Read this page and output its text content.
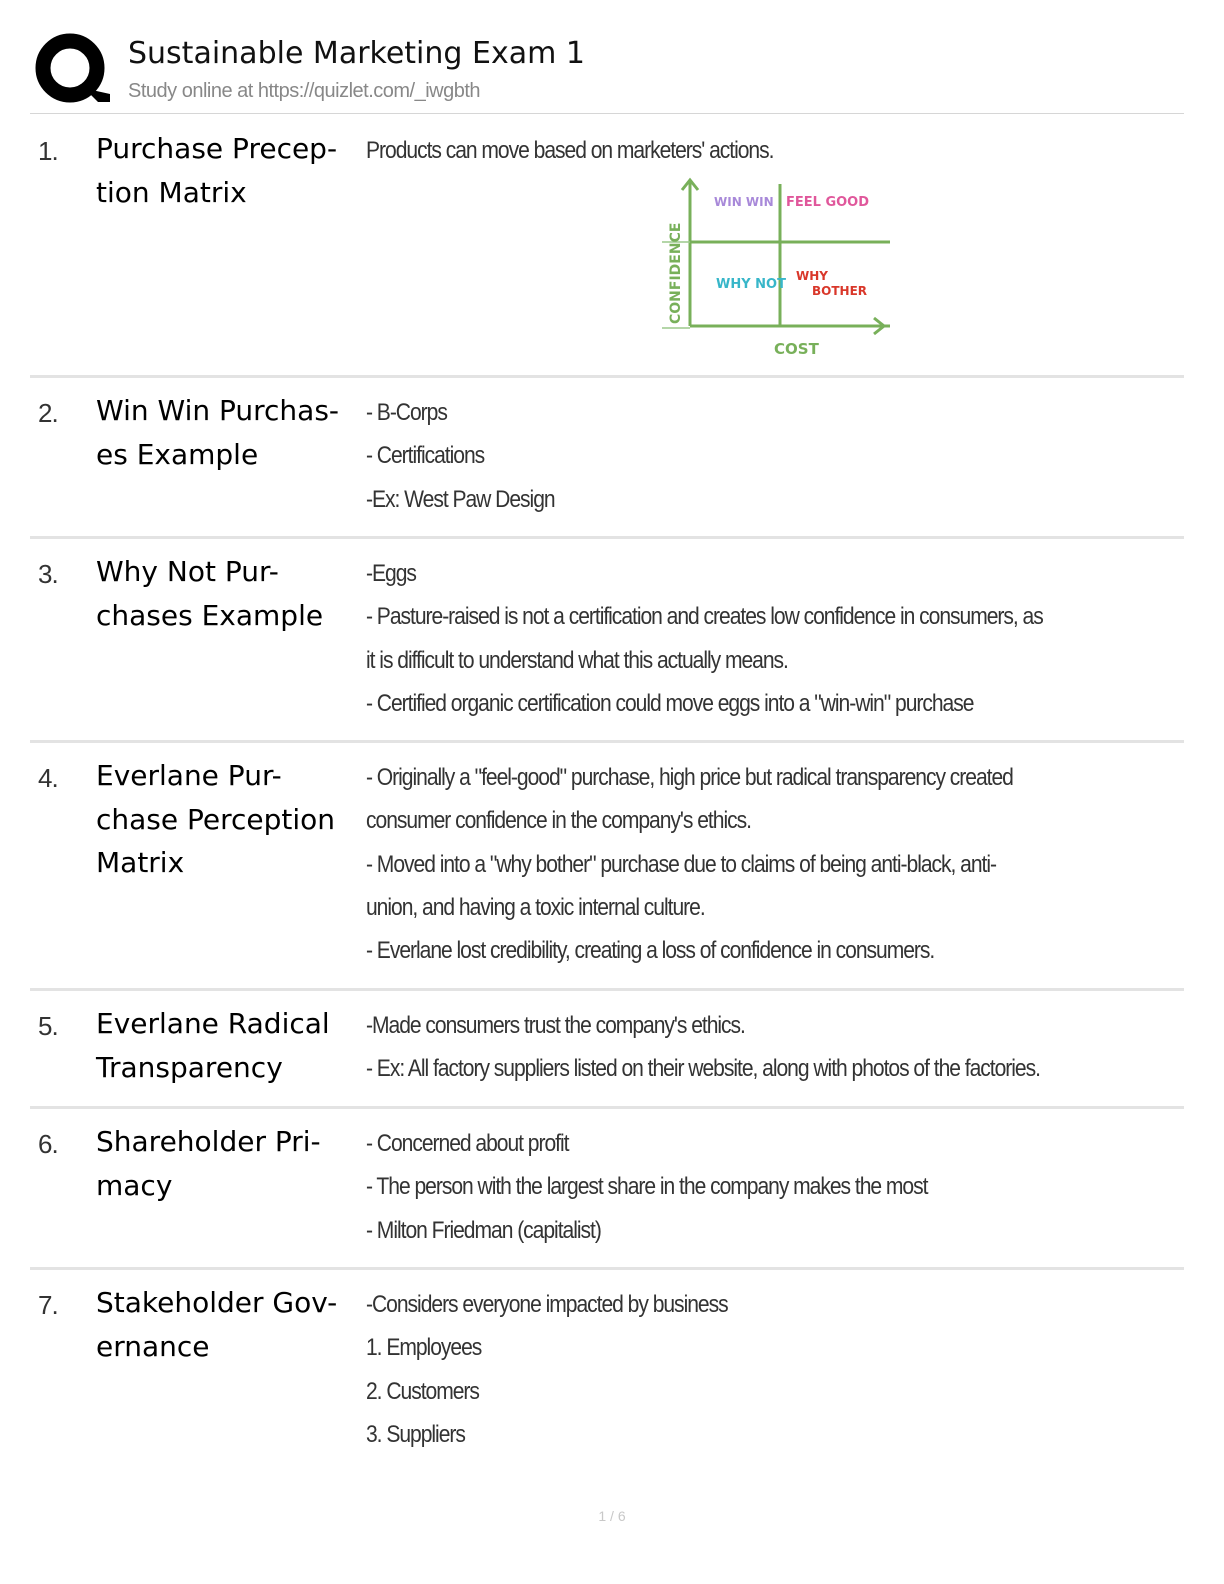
Sustainable Marketing Exam 1
Study online at https://quizlet.com/_iwgbth
1. Purchase Precep-
tion Matrix
Products can move based on marketers' actions.
WIN WIN FEEL GOOD
WHY NOT
WHY BOTHER
CONFIDENCE
COST
2. Win Win Purchas-
es Example
- B-Corps
- Certifications
-Ex: West Paw Design
3. Why Not Pur-
chases Example
-Eggs
- Pasture-raised is not a certification and creates low confidence in consumers, as
it is difficult to understand what this actually means.
- Certified organic certification could move eggs into a "win-win" purchase
4. Everlane Pur-
chase Perception
Matrix
- Originally a "feel-good" purchase, high price but radical transparency created
consumer confidence in the company's ethics.
- Moved into a "why bother" purchase due to claims of being anti-black, anti-
union, and having a toxic internal culture.
- Everlane lost credibility, creating a loss of confidence in consumers.
5. Everlane Radical
Transparency
-Made consumers trust the company's ethics.
- Ex: All factory suppliers listed on their website, along with photos of the factories.
6. Shareholder Pri-
macy
- Concerned about profit
- The person with the largest share in the company makes the most
- Milton Friedman (capitalist)
7. Stakeholder Gov-
ernance
-Considers everyone impacted by business
1. Employees
2. Customers
3. Suppliers
1 / 6
